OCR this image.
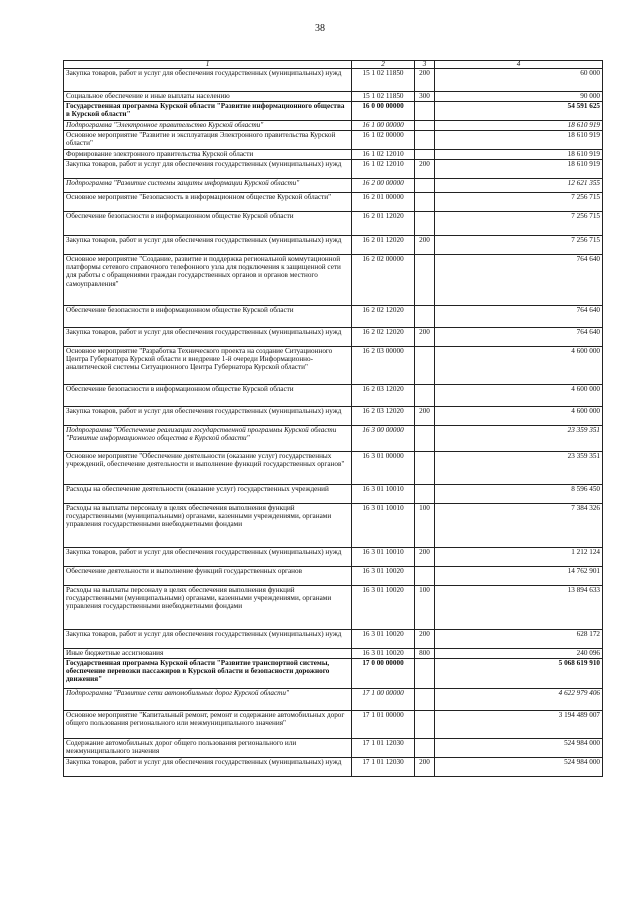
38
1	2	3	4
Закупка товаров, работ и услуг для обеспечения государственных (муниципальных) нужд	15 1 02 11850	200	60 000
Социальное обеспечение и иные выплаты населению	15 1 02 11850	300	90 000
Государственная программа Курской области "Развитие информационного общества в Курской области"	16 0 00 00000		54 591 625
Подпрограмма "Электронное правительство Курской области"	16 1 00 00000		18 610 919
Основное мероприятие "Развитие и эксплуатация Электронного правительства Курской области"	16 1 02 00000		18 610 919
Формирование электронного правительства Курской области	16 1 02 12010		18 610 919
Закупка товаров, работ и услуг для обеспечения государственных (муниципальных) нужд	16 1 02 12010	200	18 610 919
Подпрограмма "Развитие системы защиты информации Курской области"	16 2 00 00000		12 621 355
Основное мероприятие "Безопасность в информационном обществе Курской области"	16 2 01 00000		7 256 715
Обеспечение безопасности в информационном обществе Курской области	16 2 01 12020		7 256 715
Закупка товаров, работ и услуг для обеспечения государственных (муниципальных) нужд	16 2 01 12020	200	7 256 715
Основное мероприятие "Создание, развитие и поддержка региональной коммутационной платформы сетевого справочного телефонного узла для подключения к защищенной сети для работы с обращениями граждан государственных органов и органов местного самоуправления"	16 2 02 00000		764 640
Обеспечение безопасности в информационном обществе Курской области	16 2 02 12020		764 640
Закупка товаров, работ и услуг для обеспечения государственных (муниципальных) нужд	16 2 02 12020	200	764 640
Основное мероприятие "Разработка Технического проекта на создание Ситуационного Центра Губернатора Курской области и внедрение 1-й очереди Информационно-аналитической системы Ситуационного Центра Губернатора Курской области"	16 2 03 00000		4 600 000
Обеспечение безопасности в информационном обществе Курской области	16 2 03 12020		4 600 000
Закупка товаров, работ и услуг для обеспечения государственных (муниципальных) нужд	16 2 03 12020	200	4 600 000
Подпрограмма "Обеспечение реализации государственной программы Курской области "Развитие информационного общества в Курской области"	16 3 00 00000		23 359 351
Основное мероприятие "Обеспечение деятельности (оказание услуг) государственных учреждений, обеспечение деятельности и выполнение функций государственных органов"	16 3 01 00000		23 359 351
Расходы на обеспечение деятельности (оказание услуг) государственных учреждений	16 3 01 10010		8 596 450
Расходы на выплаты персоналу в целях обеспечения выполнения функций государственными (муниципальными) органами, казенными учреждениями, органами управления государственными внебюджетными фондами	16 3 01 10010	100	7 384 326
Закупка товаров, работ и услуг для обеспечения государственных (муниципальных) нужд	16 3 01 10010	200	1 212 124
Обеспечение деятельности и выполнение функций государственных органов	16 3 01 10020		14 762 901
Расходы на выплаты персоналу в целях обеспечения выполнения функций государственными (муниципальными) органами, казенными учреждениями, органами управления государственными внебюджетными фондами	16 3 01 10020	100	13 894 633
Закупка товаров, работ и услуг для обеспечения государственных (муниципальных) нужд	16 3 01 10020	200	628 172
Иные бюджетные ассигнования	16 3 01 10020	800	240 096
Государственная программа Курской области "Развитие транспортной системы, обеспечение перевозки пассажиров в Курской области и безопасности дорожного движения"	17 0 00 00000		5 068 619 910
Подпрограмма "Развитие сети автомобильных дорог Курской области"	17 1 00 00000		4 622 979 406
Основное мероприятие "Капитальный ремонт, ремонт и содержание автомобильных дорог общего пользования регионального или межмуниципального значения"	17 1 01 00000		3 194 489 007
Содержание автомобильных дорог общего пользования регионального или межмуниципального значения	17 1 01 12030		524 984 000
Закупка товаров, работ и услуг для обеспечения государственных (муниципальных) нужд	17 1 01 12030	200	524 984 000
